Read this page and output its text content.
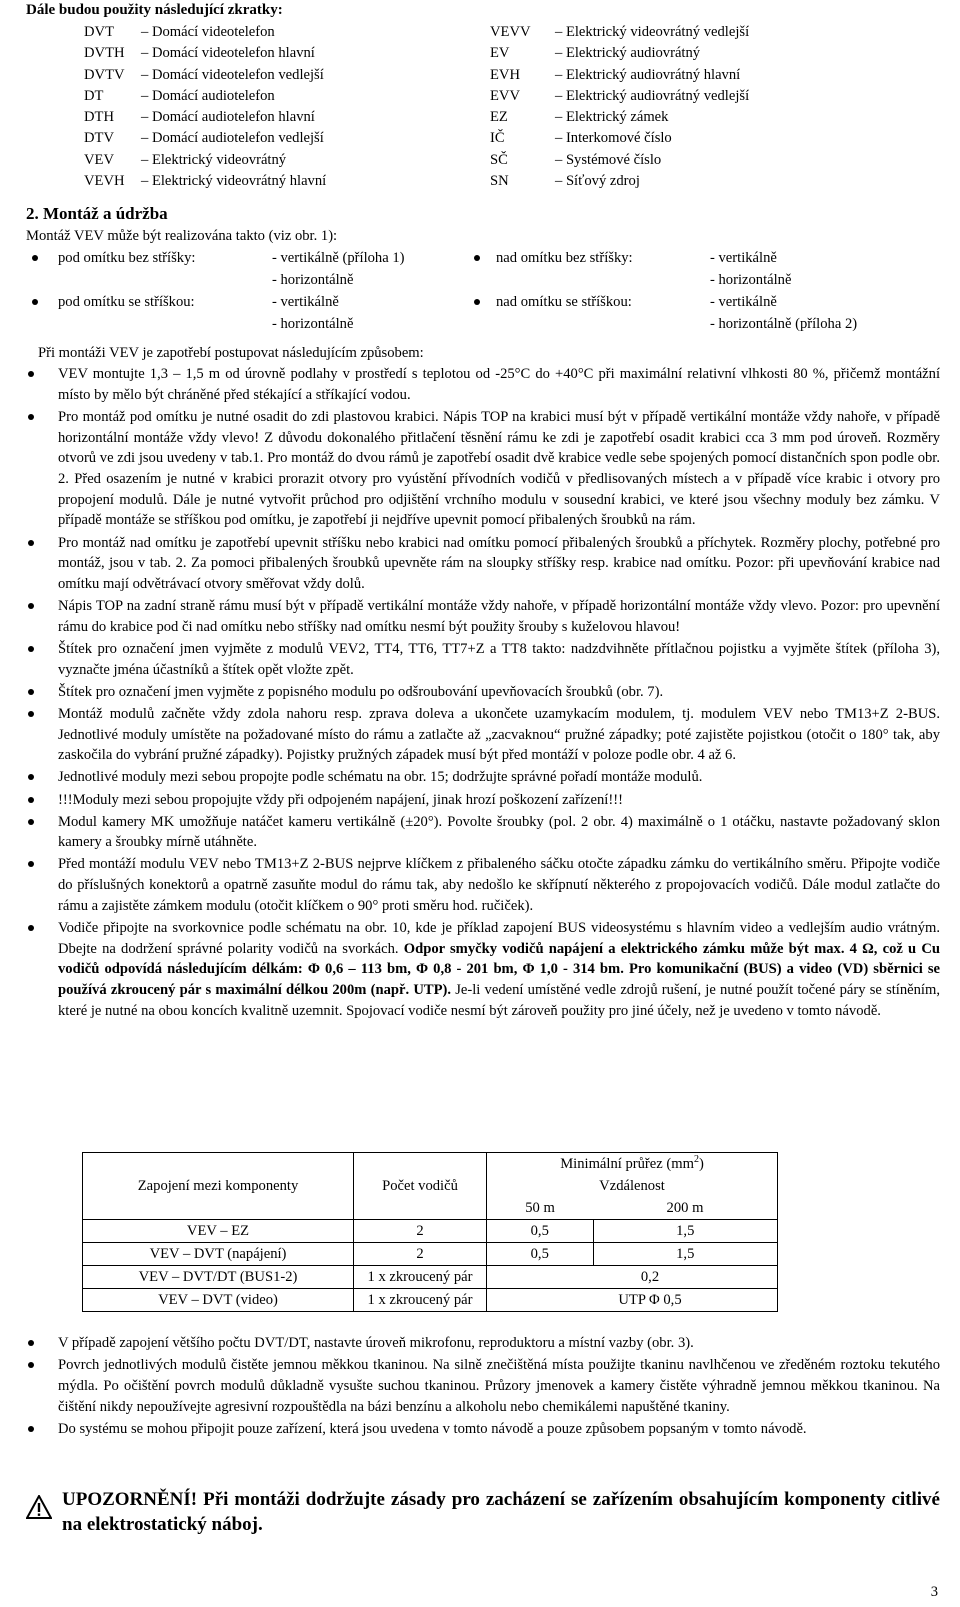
Dále budou použity následující zkratky:
DVT – Domácí videotelefon	VEVV – Elektrický videovrátný vedlejší
DVTH – Domácí videotelefon hlavní	EV	– Elektrický audiovrátný
DVTV – Domácí videotelefon vedlejší	EVH – Elektrický audiovrátný hlavní
DT	– Domácí audiotelefon	EVV – Elektrický audiovrátný vedlejší
DTH – Domácí audiotelefon hlavní	EZ	– Elektrický zámek
DTV – Domácí audiotelefon vedlejší	IČ	– Interkomové číslo
VEV – Elektrický videovrátný	SČ	– Systémové číslo
VEVH – Elektrický videovrátný hlavní	SN	– Síťový zdroj
2. Montáž a údržba
Montáž VEV může být realizována takto (viz obr. 1):
pod omítku bez stříšky:	- vertikálně (příloha 1)	nad omítku bez stříšky:	- vertikálně
- horizontálně	- horizontálně
pod omítku se stříškou:	- vertikálně	nad omítku se stříškou:	- vertikálně
- horizontálně	- horizontálně (příloha 2)
Při montáži VEV je zapotřebí postupovat následujícím způsobem:
VEV montujte 1,3 – 1,5 m od úrovně podlahy v prostředí s teplotou od -25°C do +40°C při maximální relativní vlhkosti 80 %, přičemž montážní místo by mělo být chráněné před stékající a stříkající vodou.
Pro montáž pod omítku je nutné osadit do zdi plastovou krabici. Nápis TOP na krabici musí být v případě vertikální montáže vždy nahoře, v případě horizontální montáže vždy vlevo! Z důvodu dokonalého přitlačení těsnění rámu ke zdi je zapotřebí osadit krabici cca 3 mm pod úroveň. Rozměry otvorů ve zdi jsou uvedeny v tab.1. Pro montáž do dvou rámů je zapotřebí osadit dvě krabice vedle sebe spojených pomocí distančních spon podle obr. 2. Před osazením je nutné v krabici prorazit otvory pro vyústění přívodních vodičů v předlisovaných místech a v případě více krabic i otvory pro propojení modulů. Dále je nutné vytvořit průchod pro odjištění vrchního modulu v sousední krabici, ve které jsou všechny moduly bez zámku. V případě montáže se stříškou pod omítku, je zapotřebí ji nejdříve upevnit pomocí přibalených šroubků na rám.
Pro montáž nad omítku je zapotřebí upevnit stříšku nebo krabici nad omítku pomocí přibalených šroubků a příchytek. Rozměry plochy, potřebné pro montáž, jsou v tab. 2. Za pomoci přibalených šroubků upevněte rám na sloupky stříšky resp. krabice nad omítku. Pozor: při upevňování krabice nad omítku mají odvětrávací otvory směřovat vždy dolů.
Nápis TOP na zadní straně rámu musí být v případě vertikální montáže vždy nahoře, v případě horizontální montáže vždy vlevo. Pozor: pro upevnění rámu do krabice pod či nad omítku nebo stříšky nad omítku nesmí být použity šrouby s kuželovou hlavou!
Štítek pro označení jmen vyjměte z modulů VEV2, TT4, TT6, TT7+Z a TT8 takto: nadzdvihněte přítlačnou pojistku a vyjměte štítek (příloha 3), vyznačte jména účastníků a štítek opět vložte zpět.
Štítek pro označení jmen vyjměte z popisného modulu po odšroubování upevňovacích šroubků (obr. 7).
Montáž modulů začněte vždy zdola nahoru resp. zprava doleva a ukončete uzamykacím modulem, tj. modulem VEV nebo TM13+Z 2-BUS. Jednotlivé moduly umístěte na požadované místo do rámu a zatlačte až „zacvaknou“ pružné západky; poté zajistěte pojistkou (otočit o 180° tak, aby zaskočila do vybrání pružné západky). Pojistky pružných západek musí být před montáží v poloze podle obr. 4 až 6.
Jednotlivé moduly mezi sebou propojte podle schématu na obr. 15; dodržujte správné pořadí montáže modulů.
!!!Moduly mezi sebou propojujte vždy při odpojeném napájení, jinak hrozí poškození zařízení!!!
Modul kamery MK umožňuje natáčet kameru vertikálně (±20°). Povolte šroubky (pol. 2 obr. 4) maximálně o 1 otáčku, nastavte požadovaný sklon kamery a šroubky mírně utáhněte.
Před montáží modulu VEV nebo TM13+Z 2-BUS nejprve klíčkem z přibaleného sáčku otočte západku zámku do vertikálního směru. Připojte vodiče do příslušných konektorů a opatrně zasuňte modul do rámu tak, aby nedošlo ke skřípnutí některého z propojovacích vodičů. Dále modul zatlačte do rámu a zajistěte zámkem modulu (otočit klíčkem o 90° proti směru hod. ručiček).
Vodiče připojte na svorkovnice podle schématu na obr. 10, kde je příklad zapojení BUS videosystému s hlavním video a vedlejším audio vrátným. Dbejte na dodržení správné polarity vodičů na svorkách. Odpor smyčky vodičů napájení a elektrického zámku může být max. 4 Ω, což u Cu vodičů odpovídá následujícím délkám: Φ 0,6 – 113 bm, Φ 0,8 - 201 bm, Φ 1,0 - 314 bm. Pro komunikační (BUS) a video (VD) sběrnici se používá zkroucený pár s maximální délkou 200m (např. UTP). Je-li vedení umístěné vedle zdrojů rušení, je nutné použít točené páry se stíněním, které je nutné na obou koncích kvalitně uzemnit. Spojovací vodiče nesmí být zároveň použity pro jiné účely, než je uvedeno v tomto návodě.
Zapojení mezi komponenty	Počet vodičů	Minimální průřez $(mm^2)$	
		Vzdálenost	
		50 m	200 m
VEV – EZ	2	0,5	1,5
VEV – DVT (napájení)	2	0,5	1,5
VEV – DVT/DT (BUS1-2)	1 x zkroucený pár	0,2	
VEV – DVT (video)	1 x zkroucený pár	UTP Φ 0,5	
V případě zapojení většího počtu DVT/DT, nastavte úroveň mikrofonu, reproduktoru a místní vazby (obr. 3).
Povrch jednotlivých modulů čistěte jemnou měkkou tkaninou. Na silně znečištěná místa použijte tkaninu navlhčenou ve zředěném roztoku tekutého mýdla. Po očištění povrch modulů důkladně vysušte suchou tkaninou. Průzory jmenovek a kamery čistěte výhradně jemnou měkkou tkaninou. Na čištění nikdy nepoužívejte agresivní rozpouštědla na bázi benzínu a alkoholu nebo chemikálemi napuštěné tkaniny.
Do systému se mohou připojit pouze zařízení, která jsou uvedena v tomto návodě a pouze způsobem popsaným v tomto návodě.
UPOZORNĚNÍ! Při montáži dodržujte zásady pro zacházení se zařízením obsahujícím komponenty citlivé na elektrostatický náboj.
3
